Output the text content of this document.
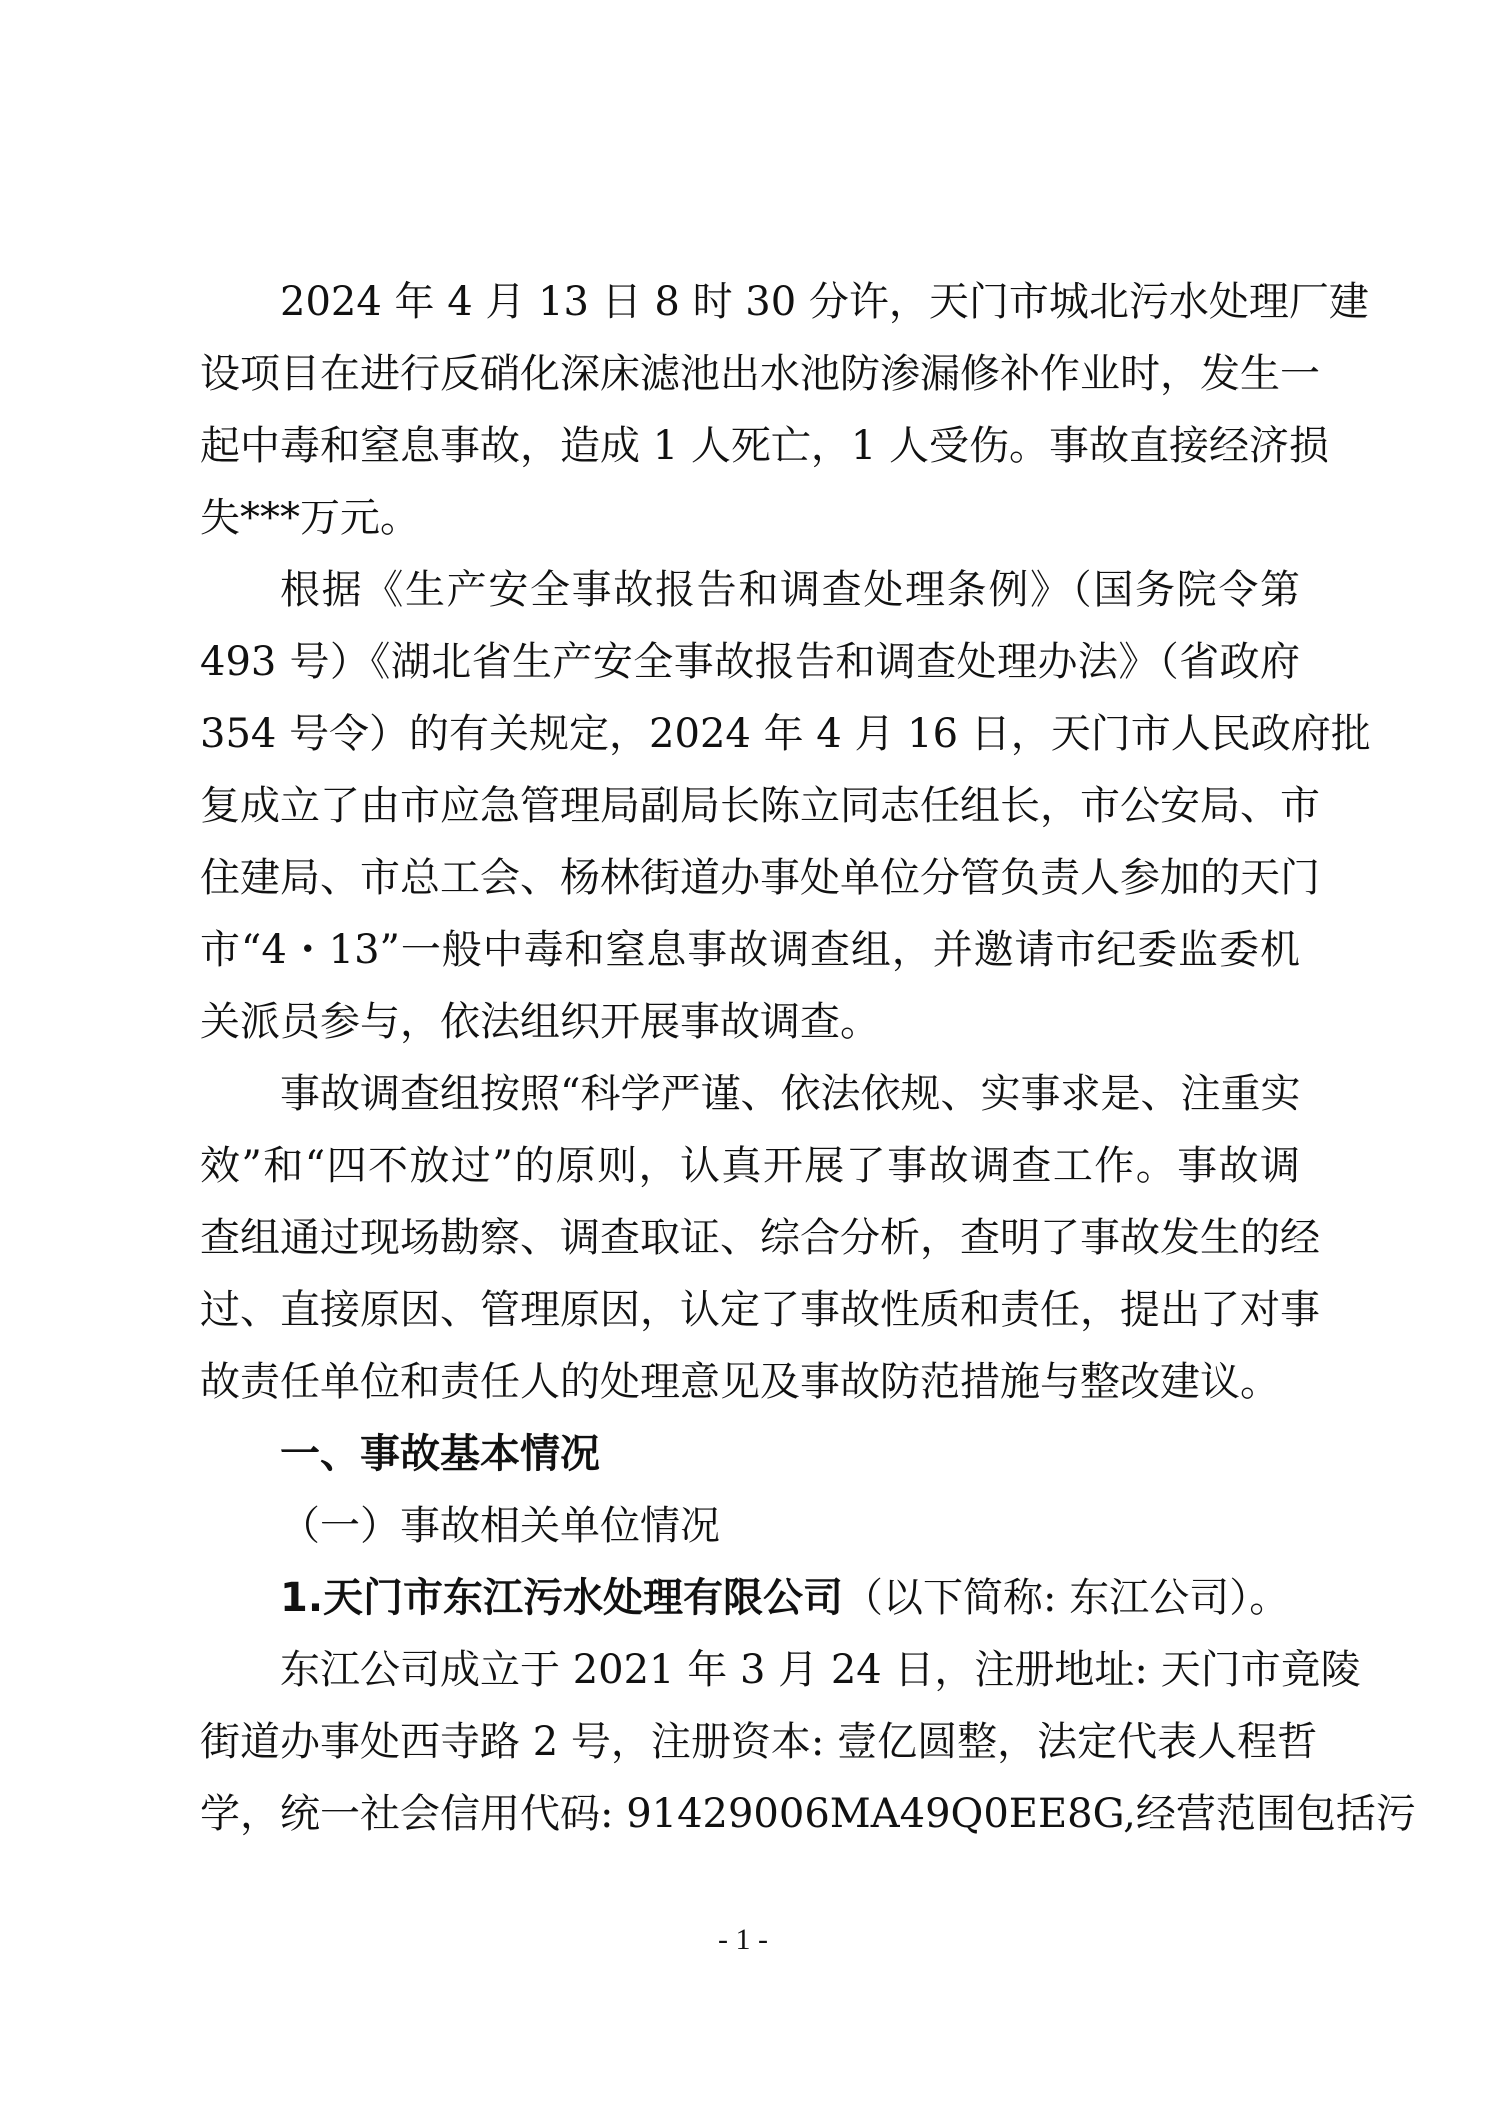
2024 年 4 月 13 日 8 时 30 分许，天门市城北污水处理厂建
设项目在进行反硝化深床滤池出水池防渗漏修补作业时，发生一
起中毒和窒息事故，造成 1 人死亡，1 人受伤。事故直接经济损
失***万元。
根据《生产安全事故报告和调查处理条例》（国务院令第
493 号）《湖北省生产安全事故报告和调查处理办法》（省政府
354 号令）的有关规定，2024 年 4 月 16 日，天门市人民政府批
复成立了由市应急管理局副局长陈立同志任组长，市公安局、市
住建局、市总工会、杨林街道办事处单位分管负责人参加的天门
市“4・13”一般中毒和窒息事故调查组，并邀请市纪委监委机
关派员参与，依法组织开展事故调查。
事故调查组按照“科学严谨、依法依规、实事求是、注重实
效”和“四不放过”的原则，认真开展了事故调查工作。事故调
查组通过现场勘察、调查取证、综合分析，查明了事故发生的经
过、直接原因、管理原因，认定了事故性质和责任，提出了对事
故责任单位和责任人的处理意见及事故防范措施与整改建议。
一、事故基本情况
（一）事故相关单位情况
1.天门市东江污水处理有限公司（以下简称: 东江公司）。
东江公司成立于 2021 年 3 月 24 日，注册地址: 天门市竟陵
街道办事处西寺路 2 号，注册资本: 壹亿圆整，法定代表人程哲
学，统一社会信用代码: 91429006MA49Q0EE8G,经营范围包括污
- 1 -
